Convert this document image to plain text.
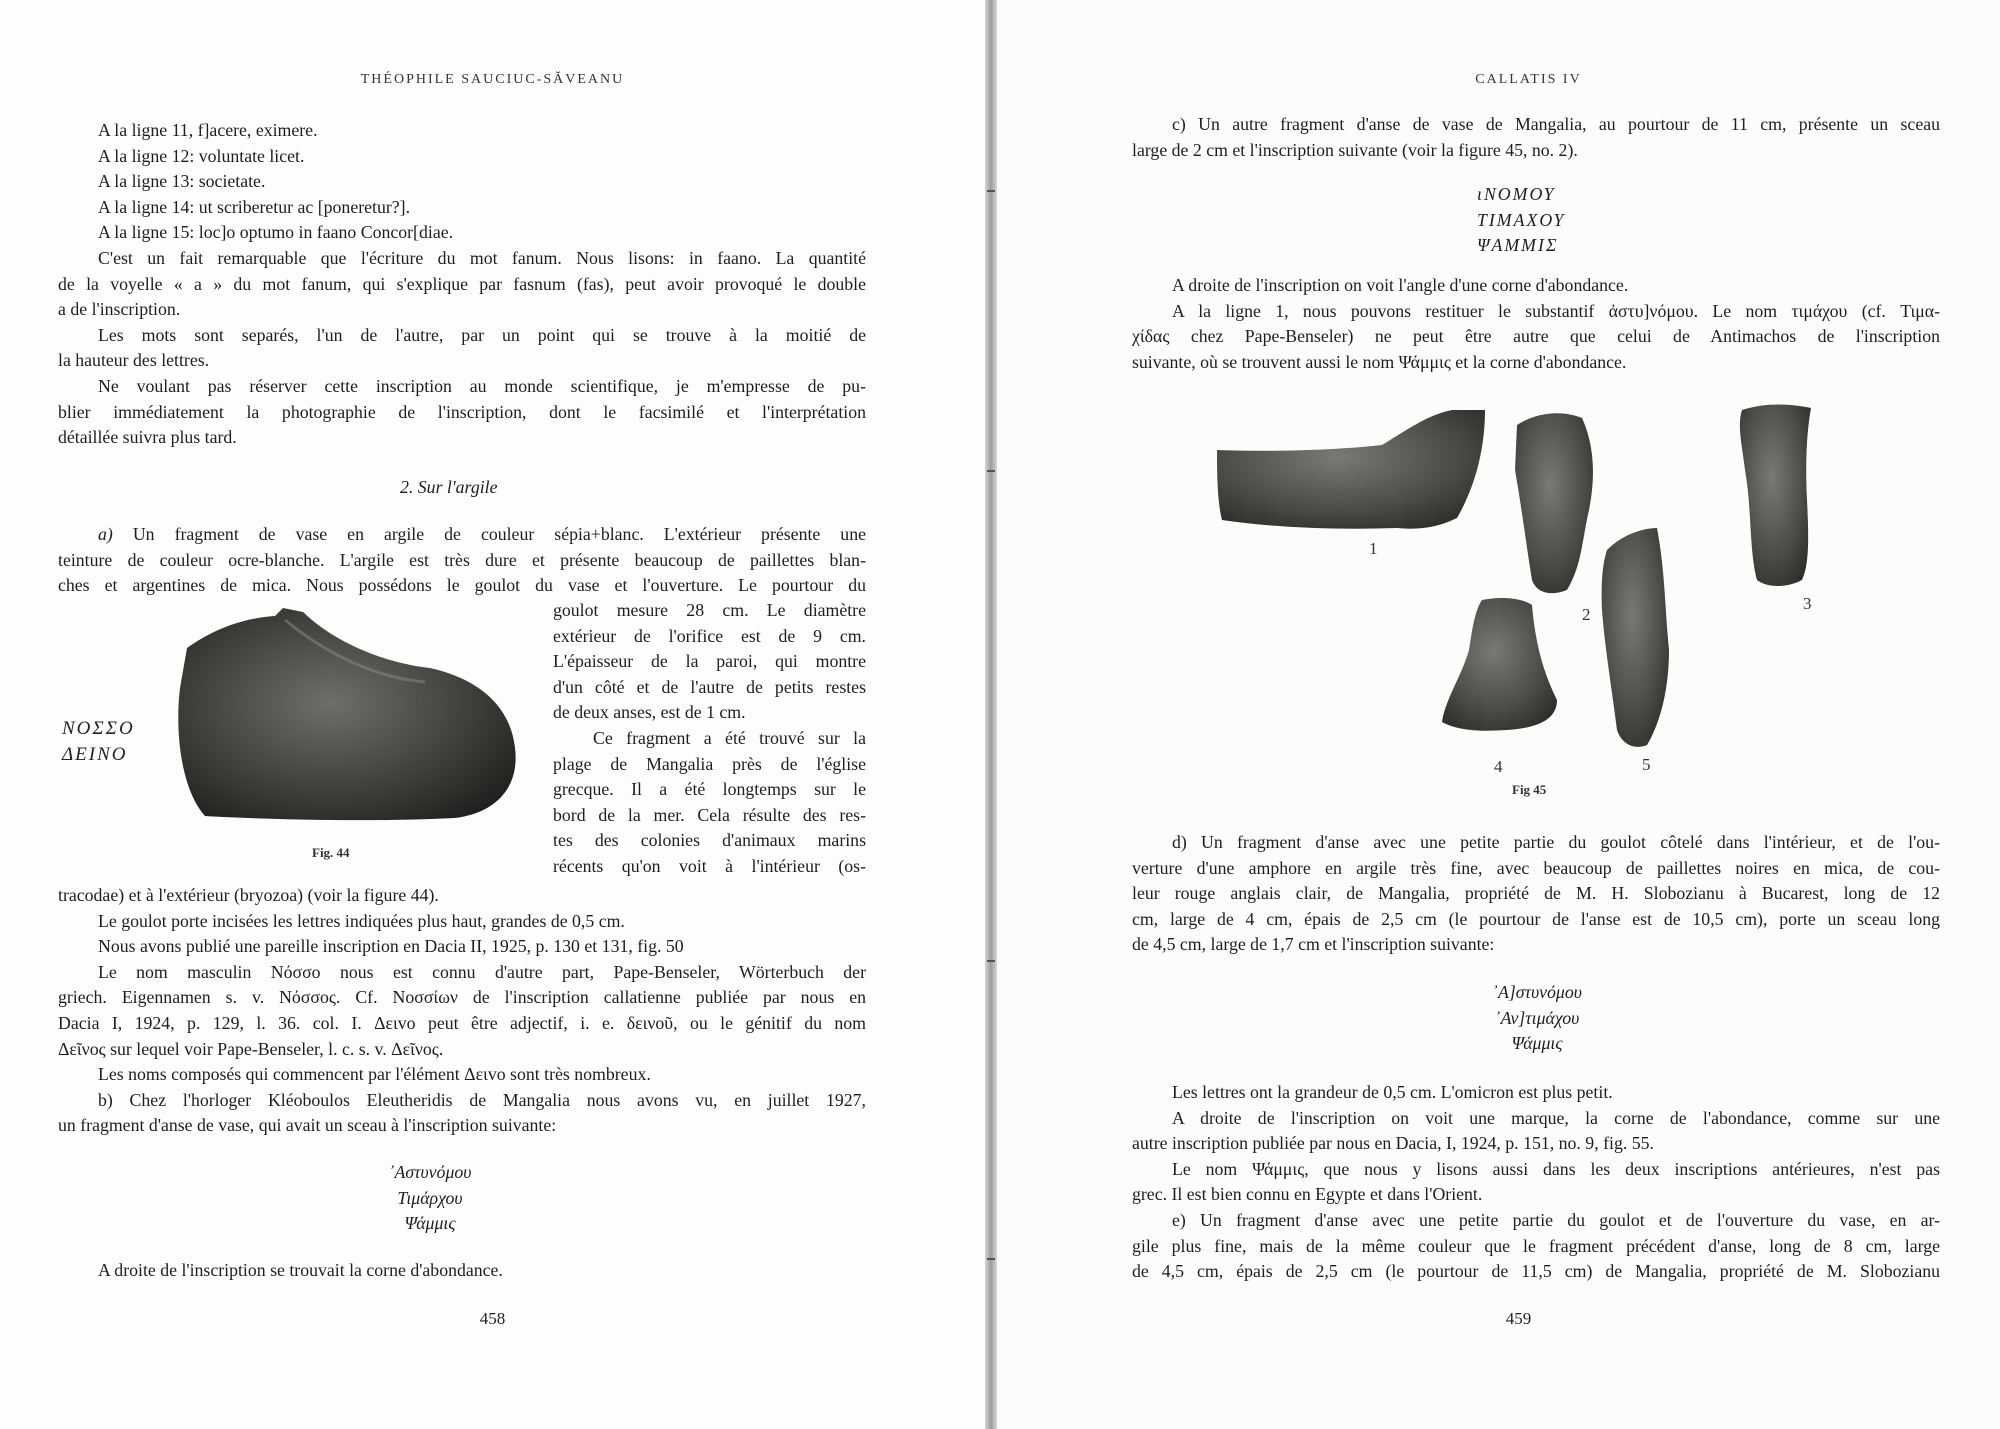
THÉOPHILE SAUCIUC-SĂVEANU
A la ligne 11, f]acere, eximere.
A la ligne 12: voluntate licet.
A la ligne 13: societate.
A la ligne 14: ut scriberetur ac [poneretur?].
A la ligne 15: loc]o optumo in faano Concor[diae.
C'est un fait remarquable que l'écriture du mot fanum. Nous lisons: in faano. La quantité
de la voyelle « a » du mot fanum, qui s'explique par fasnum (fas), peut avoir provoqué le double
a de l'inscription.
Les mots sont separés, l'un de l'autre, par un point qui se trouve à la moitié de
la hauteur des lettres.
Ne voulant pas réserver cette inscription au monde scientifique, je m'empresse de pu-
blier immédiatement la photographie de l'inscription, dont le facsimilé et l'interprétation
détaillée suivra plus tard.
2. Sur l'argile
a) Un fragment de vase en argile de couleur sépia+blanc. L'extérieur présente une
teinture de couleur ocre-blanche. L'argile est très dure et présente beaucoup de paillettes blan-
ches et argentines de mica. Nous possédons le goulot du vase et l'ouverture. Le pourtour du
ΝΟΣΣΟ
ΔΕΙΝΟ
Fig. 44
goulot mesure 28 cm. Le diamètre
extérieur de l'orifice est de 9 cm.
L'épaisseur de la paroi, qui montre
d'un côté et de l'autre de petits restes
de deux anses, est de 1 cm.
Ce fragment a été trouvé sur la
plage de Mangalia près de l'église
grecque. Il a été longtemps sur le
bord de la mer. Cela résulte des res-
tes des colonies d'animaux marins
récents qu'on voit à l'intérieur (os-
tracodae) et à l'extérieur (bryozoa) (voir la figure 44).
Le goulot porte incisées les lettres indiquées plus haut, grandes de 0,5 cm.
Nous avons publié une pareille inscription en Dacia II, 1925, p. 130 et 131, fig. 50
Le nom masculin Νόσσο nous est connu d'autre part, Pape-Benseler, Wörterbuch der
griech. Eigennamen s. v. Νόσσος. Cf. Νοσσίων de l'inscription callatienne publiée par nous en
Dacia I, 1924, p. 129, l. 36. col. I. Δειvo peut être adjectif, i. e. δεινοῦ, ou le génitif du nom
Δεῖνος sur lequel voir Pape-Benseler, l. c. s. v. Δεῖνος.
Les noms composés qui commencent par l'élément Δειvo sont très nombreux.
b) Chez l'horloger Kléoboulos Eleutheridis de Mangalia nous avons vu, en juillet 1927,
un fragment d'anse de vase, qui avait un sceau à l'inscription suivante:
᾿Αστυνόμου
Τιμάρχου
Ψάμμις
A droite de l'inscription se trouvait la corne d'abondance.
458
CALLATIS IV
c) Un autre fragment d'anse de vase de Mangalia, au pourtour de 11 cm, présente un sceau
large de 2 cm et l'inscription suivante (voir la figure 45, no. 2).
ιΝΟΜΟΥ
ΤΙΜΑΧΟΥ
ΨΑΜΜΙΣ
A droite de l'inscription on voit l'angle d'une corne d'abondance.
A la ligne 1, nous pouvons restituer le substantif ἀστυ]νόμου. Le nom τιμάχου (cf. Τιμα-
χίδας chez Pape-Benseler) ne peut être autre que celui de Antimachos de l'inscription
suivante, où se trouvent aussi le nom Ψάμμις et la corne d'abondance.
1
2
3
4	5
Fig 45
d) Un fragment d'anse avec une petite partie du goulot côtelé dans l'intérieur, et de l'ou-
verture d'une amphore en argile très fine, avec beaucoup de paillettes noires en mica, de cou-
leur rouge anglais clair, de Mangalia, propriété de M. H. Slobozianu à Bucarest, long de 12
cm, large de 4 cm, épais de 2,5 cm (le pourtour de l'anse est de 10,5 cm), porte un sceau long
de 4,5 cm, large de 1,7 cm et l'inscription suivante:
᾿Α]στυνόμου
᾿Αν]τιμάχου
Ψάμμις
Les lettres ont la grandeur de 0,5 cm. L'omicron est plus petit.
A droite de l'inscription on voit une marque, la corne de l'abondance, comme sur une
autre inscription publiée par nous en Dacia, I, 1924, p. 151, no. 9, fig. 55.
Le nom Ψάμμις, que nous y lisons aussi dans les deux inscriptions antérieures, n'est pas
grec. Il est bien connu en Egypte et dans l'Orient.
e) Un fragment d'anse avec une petite partie du goulot et de l'ouverture du vase, en ar-
gile plus fine, mais de la même couleur que le fragment précédent d'anse, long de 8 cm, large
de 4,5 cm, épais de 2,5 cm (le pourtour de 11,5 cm) de Mangalia, propriété de M. Slobozianu
459
